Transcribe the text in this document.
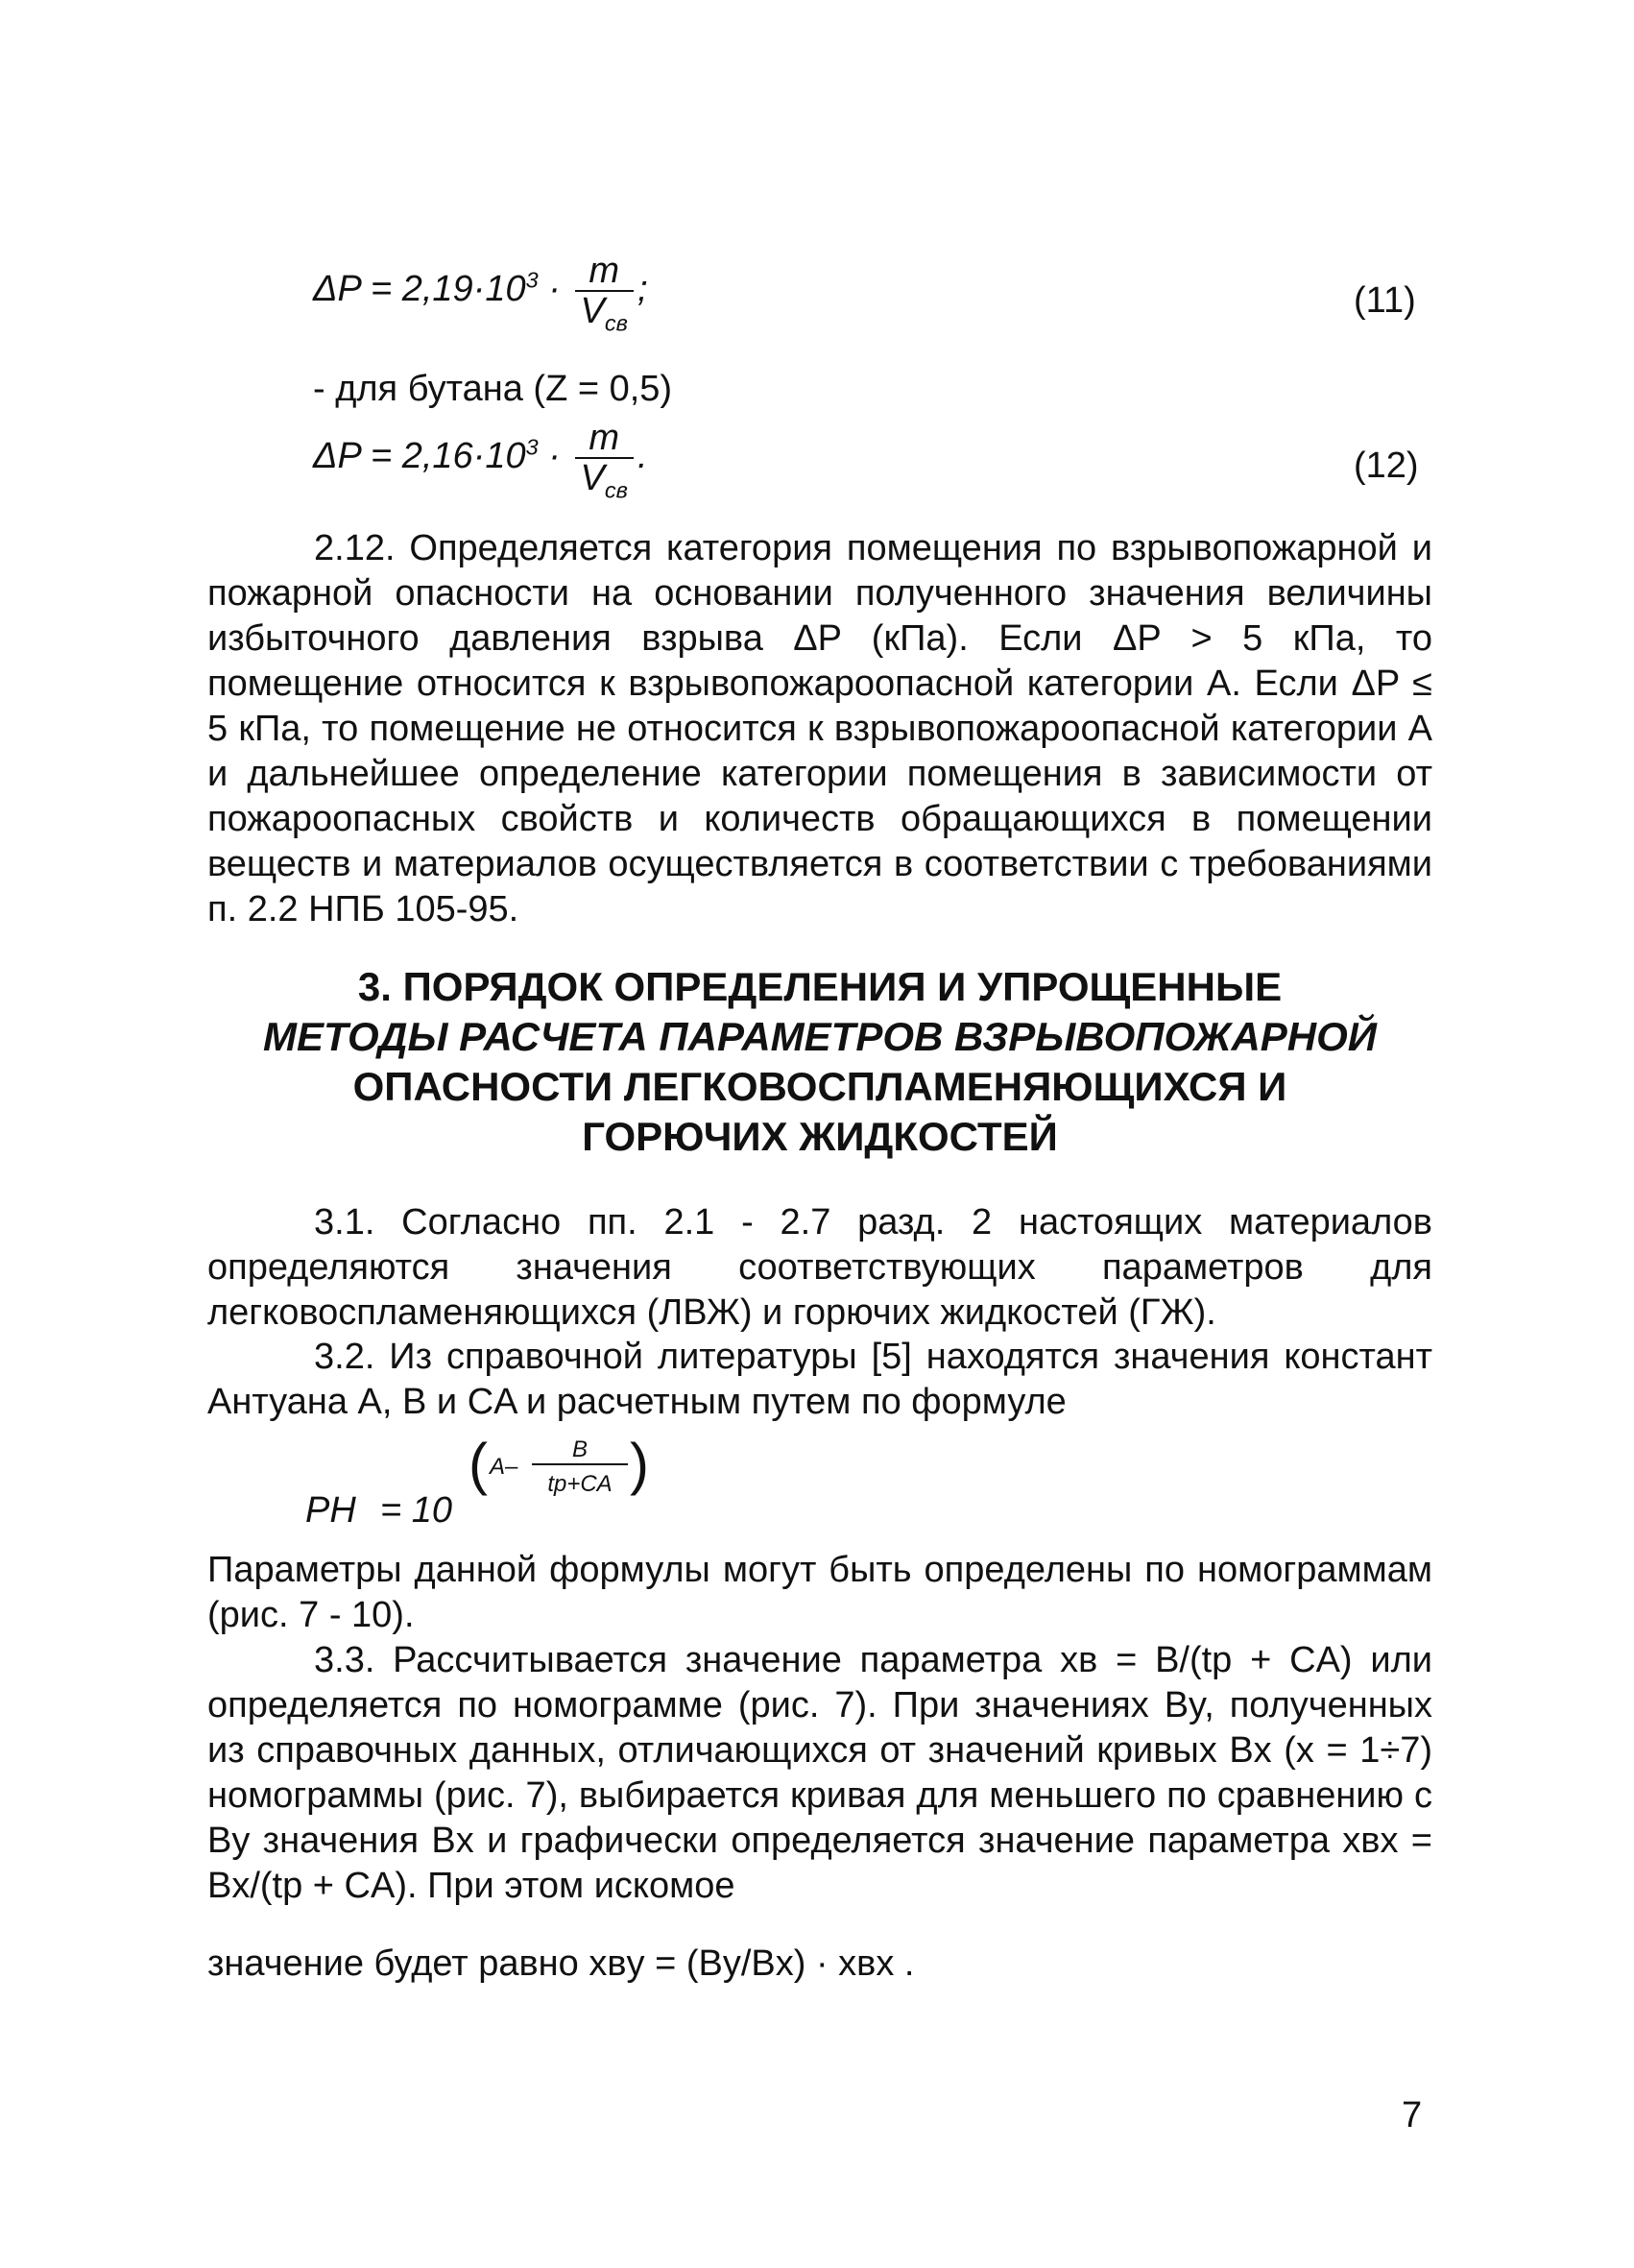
$\Delta P = 2,19\cdot 10^3 \cdot \frac{m}{V_{св}}$ ;	(11)
- для бутана (Z = 0,5)
$\Delta P = 2,16\cdot 10^3 \cdot \frac{m}{V_{св}}$ .	(12)
2.12. Определяется категория помещения по взрывопожарной и пожарной опасности на основании полученного значения величины избыточного давления взрыва ΔP (кПа). Если ΔP > 5 кПа, то помещение относится к взрывопожароопасной категории А. Если ΔP ≤ 5 кПа, то помещение не относится к взрывопожароопасной категории А и дальнейшее определение категории помещения в зависимости от пожароопасных свойств и количеств обращающихся в помещении веществ и материалов осуществляется в соответствии с требованиями п. 2.2 НПБ 105-95.
3. ПОРЯДОК ОПРЕДЕЛЕНИЯ И УПРОЩЕННЫЕ
МЕТОДЫ РАСЧЕТА ПАРАМЕТРОВ ВЗРЫВОПОЖАРНОЙ
ОПАСНОСТИ ЛЕГКОВОСПЛАМЕНЯЮЩИХСЯ И
ГОРЮЧИХ ЖИДКОСТЕЙ
3.1. Согласно пп. 2.1 - 2.7 разд. 2 настоящих материалов определяются значения соответствующих параметров для легковоспламеняющихся (ЛВЖ) и горючих жидкостей (ГЖ).
3.2. Из справочной литературы [5] находятся значения констант Антуана A, B и CA и расчетным путем по формуле
PH = 10
( A–
B
tp+CA )
Параметры данной формулы могут быть определены по номограммам (рис. 7 - 10).
3.3. Рассчитывается значение параметра xв = B/(tp + CA) или определяется по номограмме (рис. 7). При значениях By, полученных из справочных данных, отличающихся от значений кривых Bx (x = 1÷7) номограммы (рис. 7), выбирается кривая для меньшего по сравнению с By значения Bx и графически определяется значение параметра xвx = Bx/(tp + CA). При этом искомое
значение будет равно xвy = (By/Bx) · xвx .
7
